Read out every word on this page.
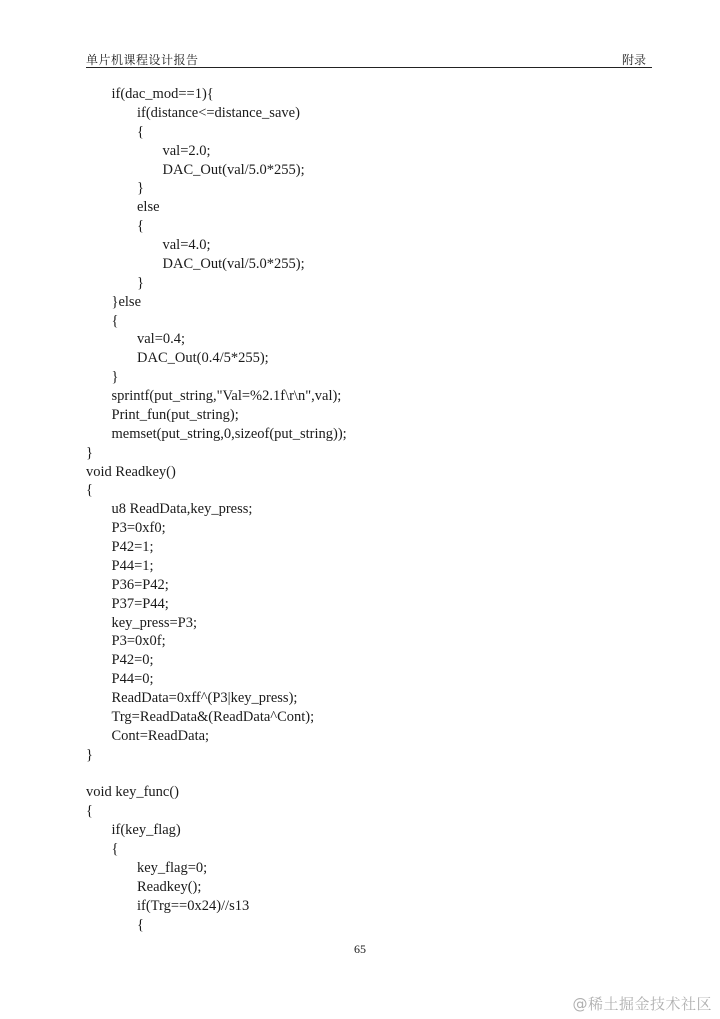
单片机课程设计报告	附录
if(dac_mod==1){
if(distance<=distance_save)
{
val=2.0;
DAC_Out(val/5.0*255);
}
else
{
val=4.0;
DAC_Out(val/5.0*255);
}
}else
{
val=0.4;
DAC_Out(0.4/5*255);
}
sprintf(put_string,"Val=%2.1f\r\n",val);
Print_fun(put_string);
memset(put_string,0,sizeof(put_string));
}
void Readkey()
{
u8 ReadData,key_press;
P3=0xf0;
P42=1;
P44=1;
P36=P42;
P37=P44;
key_press=P3;
P3=0x0f;
P42=0;
P44=0;
ReadData=0xff^(P3|key_press);
Trg=ReadData&(ReadData^Cont);
Cont=ReadData;
}
void key_func()
{
if(key_flag)
{
key_flag=0;
Readkey();
if(Trg==0x24)//s13
{
65
@稀土掘金技术社区
